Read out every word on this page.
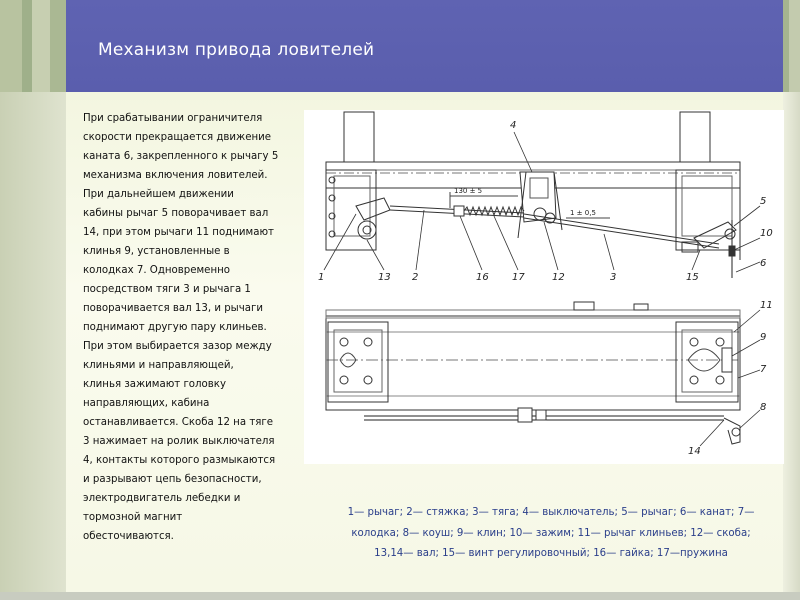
Механизм привода ловителей

При срабатывании ограничителя
скорости прекращается движение
каната 6, закрепленного к рычагу 5
механизма включения ловителей.
При дальнейшем движении
кабины рычаг 5 поворачивает вал
14, при этом рычаги 11 поднимают
клинья 9, установленные в
колодках 7. Одновременно
посредством тяги 3 и рычага 1
поворачивается вал 13, и рычаги
поднимают другую пару клиньев.
При этом выбирается зазор между
клиньями и направляющей,
клинья зажимают головку
направляющих, кабина
останавливается. Скоба 12 на тяге
3 нажимает на ролик выключателя
4, контакты которого размыкаются
и разрывают цепь безопасности,
электродвигатель лебедки и
тормозной магнит
обесточиваются.

130 ± 5
1 ± 0,5
4
1	13 2	16 17	12	3	15
5
10
6
11
9
7
8
14

1— рычаг; 2— стяжка; 3— тяга; 4— выключатель; 5— рычаг; 6— канат; 7— колодка; 8— коуш; 9— клин; 10— зажим; 11— рычаг клиньев; 12— скоба; 13,14— вал; 15— винт регулировочный; 16— гайка; 17—пружина
